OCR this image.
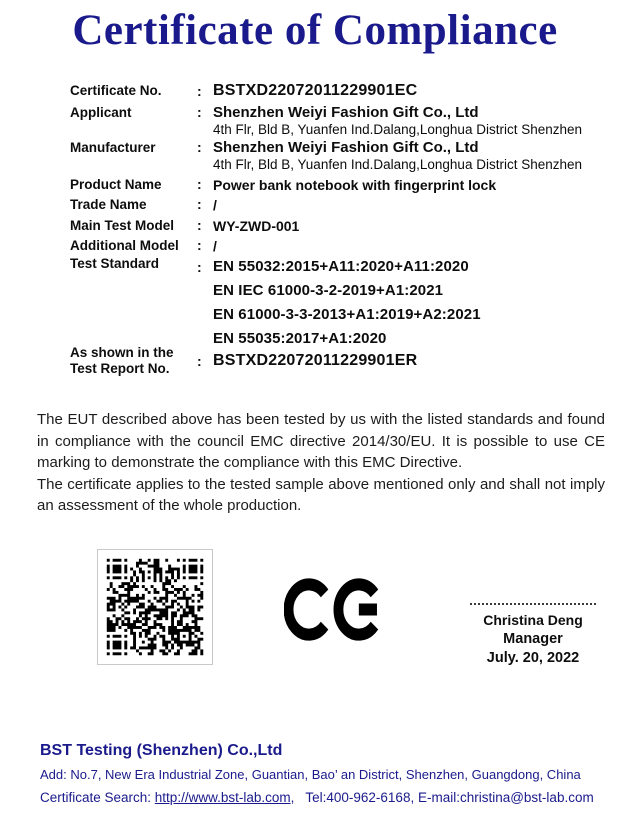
Certificate of Compliance
Certificate No.	: BSTXD22072011229901EC
Applicant	: Shenzhen Weiyi Fashion Gift Co., Ltd
4th Flr, Bld B, Yuanfen Ind.Dalang,Longhua District Shenzhen
Manufacturer	: Shenzhen Weiyi Fashion Gift Co., Ltd
4th Flr, Bld B, Yuanfen Ind.Dalang,Longhua District Shenzhen
Product Name	: Power bank notebook with fingerprint lock
Trade Name	: /
Main Test Model	: WY-ZWD-001
Additional Model	: /
Test Standard	: EN 55032:2015+A11:2020+A11:2020
EN IEC 61000-3-2-2019+A1:2021
EN 61000-3-3-2013+A1:2019+A2:2021
EN 55035:2017+A1:2020
As shown in the
Test Report No.	: BSTXD22072011229901ER

The EUT described above has been tested by us with the listed standards and found in compliance with the council EMC directive 2014/30/EU. It is possible to use CE marking to demonstrate the compliance with this EMC Directive.

The certificate applies to the tested sample above mentioned only and shall not imply an assessment of the whole production.

Christina Deng
Manager
July. 20, 2022
BST Testing (Shenzhen) Co.,Ltd
Add: No.7, New Era Industrial Zone, Guantian, Bao’ an District, Shenzhen, Guangdong, China
Certificate Search: http://www.bst-lab.com,   Tel:400-962-6168, E-mail:christina@bst-lab.com
